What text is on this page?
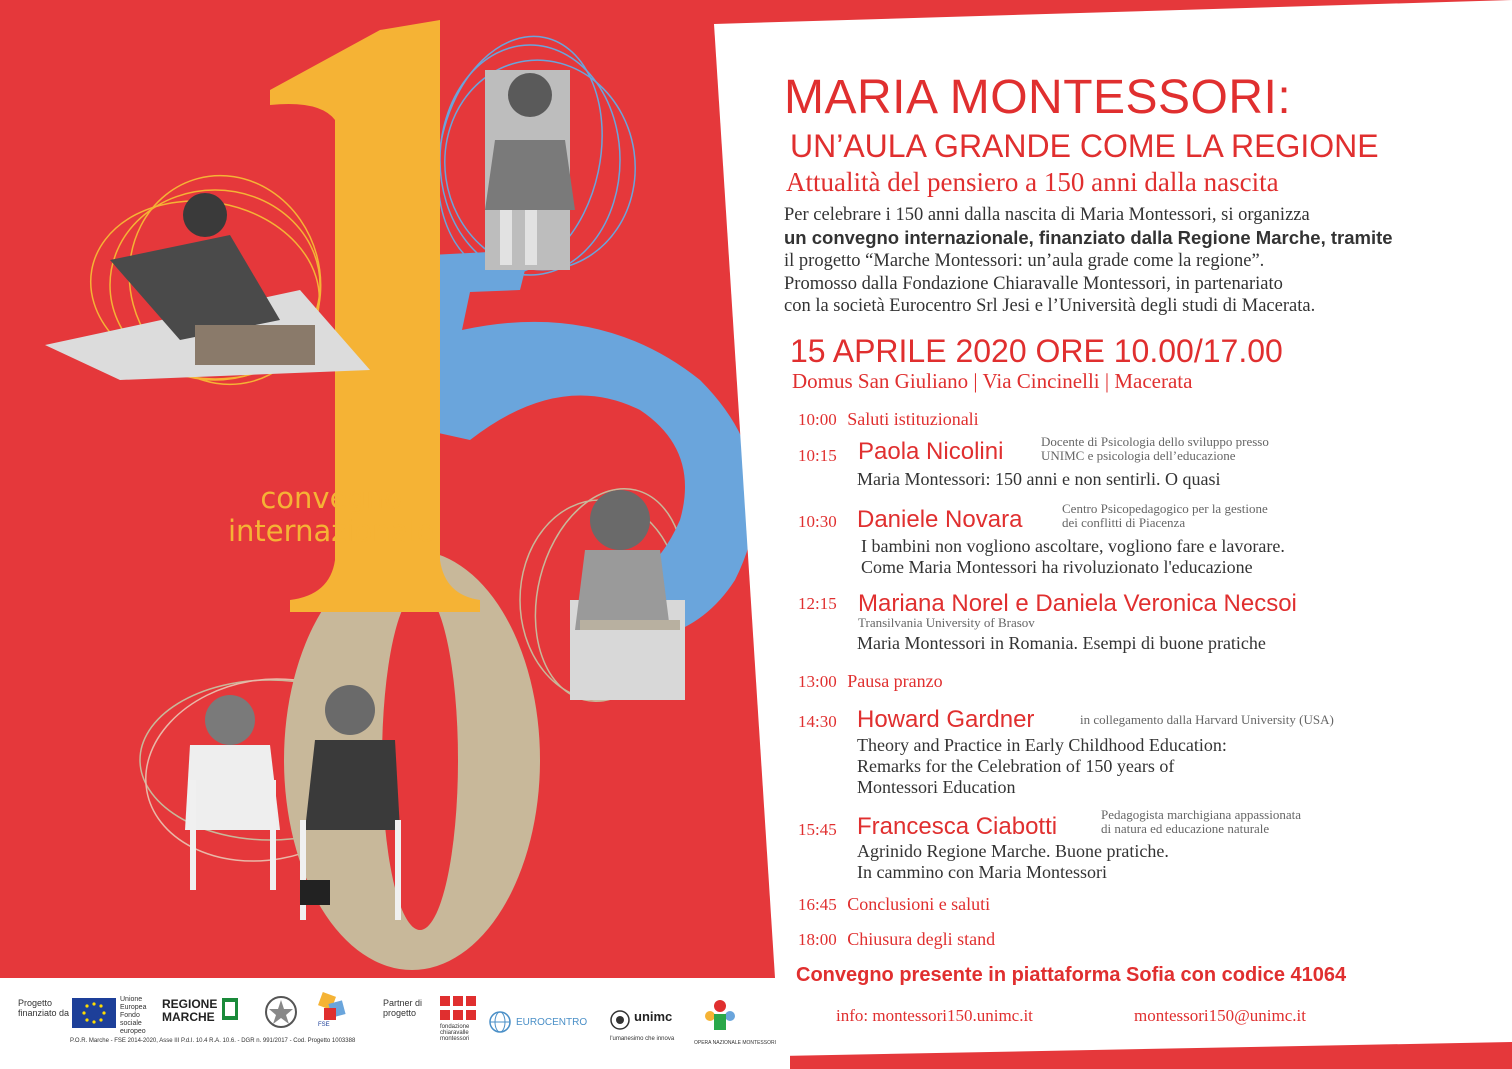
convegno
internazionale
MARIA MONTESSORI:
UN’AULA GRANDE COME LA REGIONE
Attualità del pensiero a 150 anni dalla nascita
Per celebrare i 150 anni dalla nascita di Maria Montessori, si organizza
un convegno internazionale, finanziato dalla Regione Marche, tramite
il progetto “Marche Montessori: un’aula grade come la regione”.
Promosso dalla Fondazione Chiaravalle Montessori, in partenariato
con la società Eurocentro Srl Jesi e l’Università degli studi di Macerata.
15 APRILE 2020 ORE 10.00/17.00
Domus San Giuliano | Via Cincinelli | Macerata
10:00 Saluti istituzionali
10:15 Paola Nicolini	Docente di Psicologia dello sviluppo presso
UNIMC e psicologia dell’educazione
Maria Montessori: 150 anni e non sentirli. O quasi
10:30 Daniele Novara	Centro Psicopedagogico per la gestione
dei conflitti di Piacenza
I bambini non vogliono ascoltare, vogliono fare e lavorare.
Come Maria Montessori ha rivoluzionato l'educazione
12:15 Mariana Norel e Daniela Veronica Necsoi
Transilvania University of Brasov
Maria Montessori in Romania. Esempi di buone pratiche
13:00 Pausa pranzo
14:30 Howard Gardner	in collegamento dalla Harvard University (USA)
Theory and Practice in Early Childhood Education:
Remarks for the Celebration of 150 years of
Montessori Education
15:45 Francesca Ciabotti	Pedagogista marchigiana appassionata
di natura ed educazione naturale
Agrinido Regione Marche. Buone pratiche.
In cammino con Maria Montessori
16:45 Conclusioni e saluti
18:00 Chiusura degli stand
Convegno presente in piattaforma Sofia con codice 41064
info: montessori150.unimc.it	montessori150@unimc.it
Progetto
finanziato da
Unione
Europea
Fondo
sociale
europeo
REGIONE
MARCHE
FSE
Partner di
progetto
fondazione
chiaravalle
montessori
EUROCENTRO	unimc
l'umanesimo che innova
OPERA NAZIONALE MONTESSORI
P.O.R. Marche - FSE 2014-2020, Asse III P.d.I. 10.4 R.A. 10.6. - DGR n. 991/2017 - Cod. Progetto 1003388
